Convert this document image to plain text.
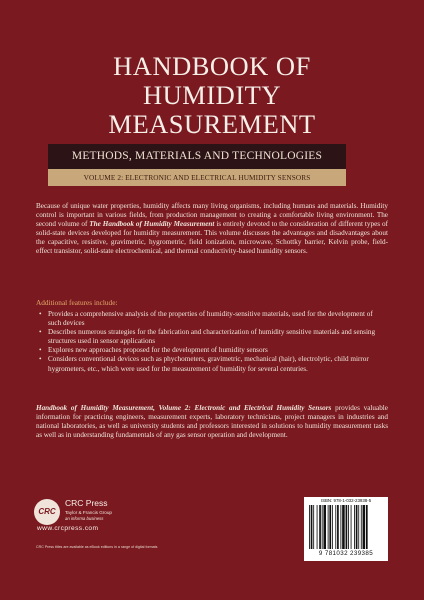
HANDBOOK OF
HUMIDITY
MEASUREMENT
METHODS, MATERIALS AND TECHNOLOGIES
VOLUME 2: ELECTRONIC AND ELECTRICAL HUMIDITY SENSORS
Because of unique water properties, humidity affects many living organisms, including humans and materials. Humidity control is important in various fields, from production management to creating a comfortable living environment. The second volume of The Handbook of Humidity Measurement is entirely devoted to the consideration of different types of solid-state devices developed for humidity measurement. This volume discusses the advantages and disadvantages about the capacitive, resistive, gravimetric, hygrometric, field ionization, microwave, Schottky barrier, Kelvin probe, field-effect transistor, solid-state electrochemical, and thermal conductivity-based humidity sensors.
Additional features include:
• Provides a comprehensive analysis of the properties of humidity-sensitive materials, used for the development of such devices
• Describes numerous strategies for the fabrication and characterization of humidity sensitive materials and sensing structures used in sensor applications
• Explores new approaches proposed for the development of humidity sensors
• Considers conventional devices such as phychometers, gravimetric, mechanical (hair), electrolytic, child mirror hygrometers, etc., which were used for the measurement of humidity for several centuries.
Handbook of Humidity Measurement, Volume 2: Electronic and Electrical Humidity Sensors provides valuable information for practicing engineers, measurement experts, laboratory technicians, project managers in industries and national laboratories, as well as university students and professors interested in solutions to humidity measurement tasks as well as in understanding fundamentals of any gas sensor operation and development.
CRC
CRC Press
Taylor & Francis Group
an informa business
www.crcpress.com
CRC Press titles are available as eBook editions in a range of digital formats
ISBN: 978-1-032-23938-5
9 781032 239385
